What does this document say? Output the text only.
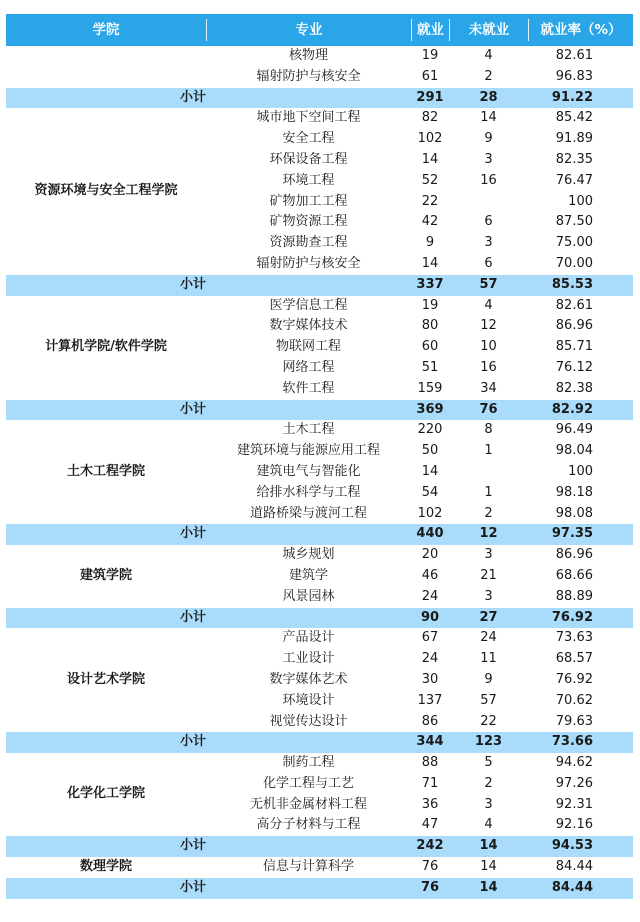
学院	专业	就业	未就业	就业率（%）

	核物理	19	4	82.61
	辐射防护与核安全	61	2	96.83
小计		291	28	91.22
资源环境与安全工程学院	城市地下空间工程	82	14	85.42
	安全工程	102	9	91.89
	环保设备工程	14	3	82.35
	环境工程	52	16	76.47
	矿物加工工程	22		100
	矿物资源工程	42	6	87.50
	资源勘查工程	9	3	75.00
	辐射防护与核安全	14	6	70.00
小计		337	57	85.53
计算机学院/软件学院	医学信息工程	19	4	82.61
	数字媒体技术	80	12	86.96
	物联网工程	60	10	85.71
	网络工程	51	16	76.12
	软件工程	159	34	82.38
小计		369	76	82.92
土木工程学院	土木工程	220	8	96.49
	建筑环境与能源应用工程	50	1	98.04
	建筑电气与智能化	14		100
	给排水科学与工程	54	1	98.18
	道路桥梁与渡河工程	102	2	98.08
小计		440	12	97.35
建筑学院	城乡规划	20	3	86.96
	建筑学	46	21	68.66
	风景园林	24	3	88.89
小计		90	27	76.92
设计艺术学院	产品设计	67	24	73.63
	工业设计	24	11	68.57
	数字媒体艺术	30	9	76.92
	环境设计	137	57	70.62
	视觉传达设计	86	22	79.63
小计		344	123	73.66
化学化工学院	制药工程	88	5	94.62
	化学工程与工艺	71	2	97.26
	无机非金属材料工程	36	3	92.31
	高分子材料与工程	47	4	92.16
小计		242	14	94.53
数理学院	信息与计算科学	76	14	84.44
小计		76	14	84.44
